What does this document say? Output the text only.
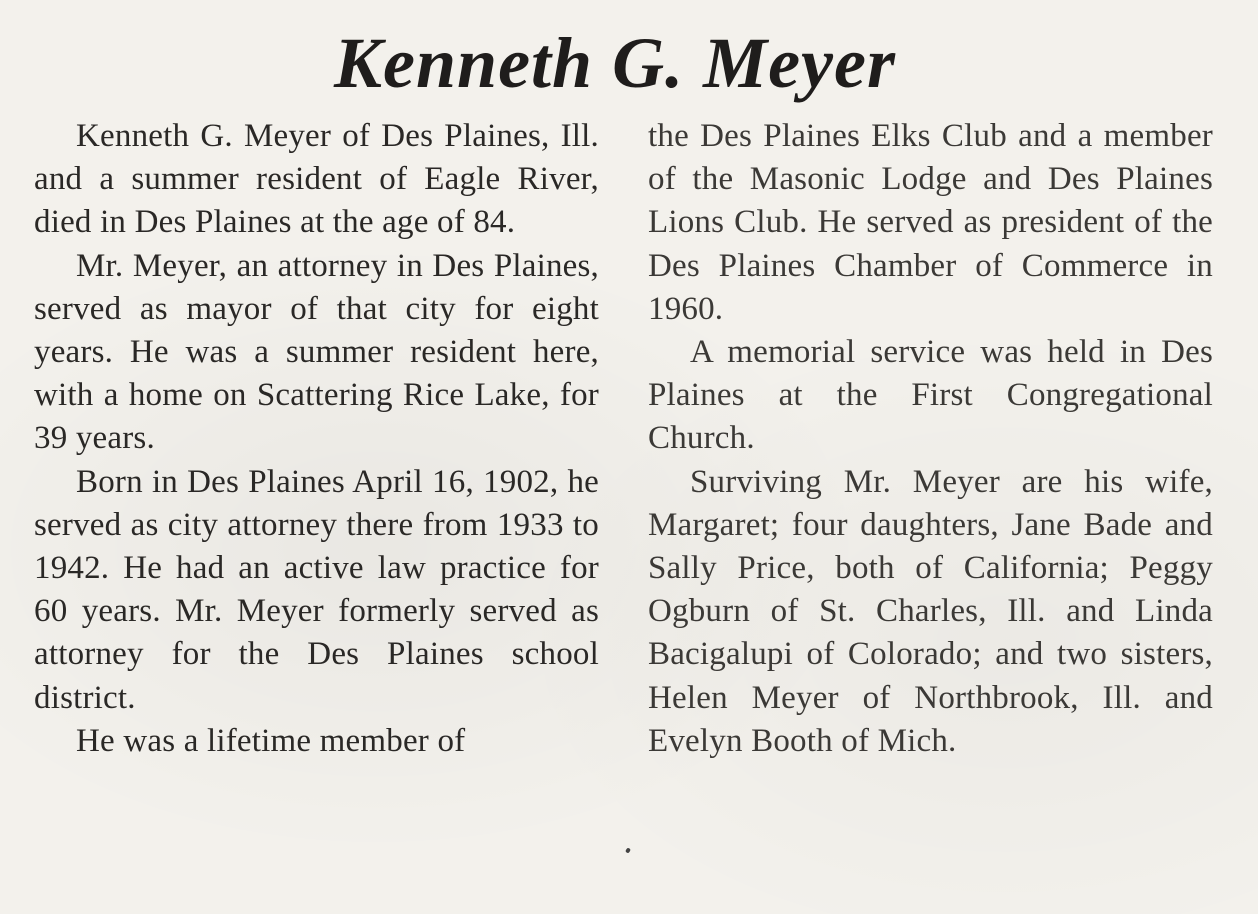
Kenneth G. Meyer

Kenneth G. Meyer of Des Plaines, Ill. and a summer resident of Eagle River, died in Des Plaines at the age of 84.

Mr. Meyer, an attorney in Des Plaines, served as mayor of that city for eight years. He was a summer resident here, with a home on Scattering Rice Lake, for 39 years.

Born in Des Plaines April 16, 1902, he served as city attorney there from 1933 to 1942. He had an active law practice for 60 years. Mr. Meyer formerly served as attorney for the Des Plaines school district.

He was a lifetime member of

the Des Plaines Elks Club and a member of the Masonic Lodge and Des Plaines Lions Club. He served as president of the Des Plaines Chamber of Commerce in 1960.

A memorial service was held in Des Plaines at the First Congregational Church.

Surviving Mr. Meyer are his wife, Margaret; four daughters, Jane Bade and Sally Price, both of California; Peggy Ogburn of St. Charles, Ill. and Linda Bacigalupi of Colorado; and two sisters, Helen Meyer of Northbrook, Ill. and Evelyn Booth of Mich.
